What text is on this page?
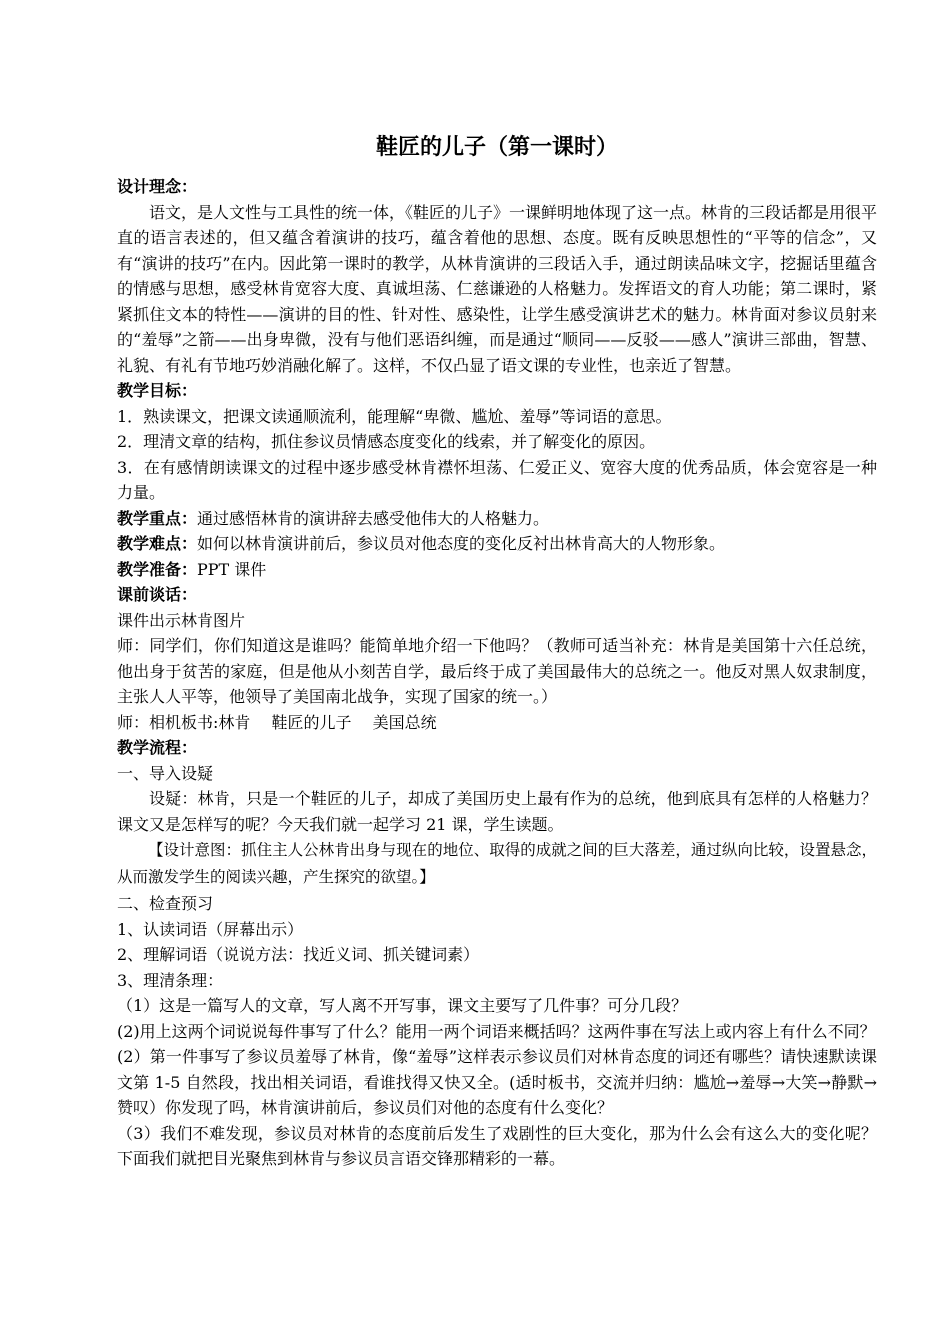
鞋匠的儿子（第一课时）

设计理念：

语文，是人文性与工具性的统一体，《鞋匠的儿子》一课鲜明地体现了这一点。林肯的三段话都是用很平直的语言表述的，但又蕴含着演讲的技巧，蕴含着他的思想、态度。既有反映思想性的“平等的信念”，又有“演讲的技巧”在内。因此第一课时的教学，从林肯演讲的三段话入手，通过朗读品味文字，挖掘话里蕴含的情感与思想，感受林肯宽容大度、真诚坦荡、仁慈谦逊的人格魅力。发挥语文的育人功能；第二课时，紧紧抓住文本的特性——演讲的目的性、针对性、感染性，让学生感受演讲艺术的魅力。林肯面对参议员射来的“羞辱”之箭——出身卑微，没有与他们恶语纠缠，而是通过“顺同——反驳——感人”演讲三部曲，智慧、礼貌、有礼有节地巧妙消融化解了。这样，不仅凸显了语文课的专业性，也亲近了智慧。

教学目标：

1．熟读课文，把课文读通顺流利，能理解“卑微、尴尬、羞辱”等词语的意思。

2．理清文章的结构，抓住参议员情感态度变化的线索，并了解变化的原因。

3．在有感情朗读课文的过程中逐步感受林肯襟怀坦荡、仁爱正义、宽容大度的优秀品质，体会宽容是一种力量。

教学重点：通过感悟林肯的演讲辞去感受他伟大的人格魅力。

教学难点：如何以林肯演讲前后，参议员对他态度的变化反衬出林肯高大的人物形象。

教学准备：PPT 课件

课前谈话：

课件出示林肯图片

师：同学们，你们知道这是谁吗？能简单地介绍一下他吗？（教师可适当补充：林肯是美国第十六任总统，他出身于贫苦的家庭，但是他从小刻苦自学，最后终于成了美国最伟大的总统之一。他反对黑人奴隶制度，主张人人平等，他领导了美国南北战争，实现了国家的统一。）

师：相机板书:林肯　 鞋匠的儿子　 美国总统

教学流程：

一、导入设疑

设疑：林肯，只是一个鞋匠的儿子，却成了美国历史上最有作为的总统，他到底具有怎样的人格魅力？课文又是怎样写的呢？今天我们就一起学习 21 课，学生读题。

【设计意图：抓住主人公林肯出身与现在的地位、取得的成就之间的巨大落差，通过纵向比较，设置悬念，从而激发学生的阅读兴趣，产生探究的欲望。】

二、检查预习

1、认读词语（屏幕出示）

2、理解词语（说说方法：找近义词、抓关键词素）

3、理清条理：

（1）这是一篇写人的文章，写人离不开写事，课文主要写了几件事？可分几段？

(2)用上这两个词说说每件事写了什么？能用一两个词语来概括吗？这两件事在写法上或内容上有什么不同？

(2）第一件事写了参议员羞辱了林肯，像“羞辱”这样表示参议员们对林肯态度的词还有哪些？请快速默读课文第 1-5 自然段，找出相关词语，看谁找得又快又全。(适时板书，交流并归纳：尴尬→羞辱→大笑→静默→赞叹）你发现了吗，林肯演讲前后，参议员们对他的态度有什么变化？

（3）我们不难发现，参议员对林肯的态度前后发生了戏剧性的巨大变化，那为什么会有这么大的变化呢？下面我们就把目光聚焦到林肯与参议员言语交锋那精彩的一幕。
